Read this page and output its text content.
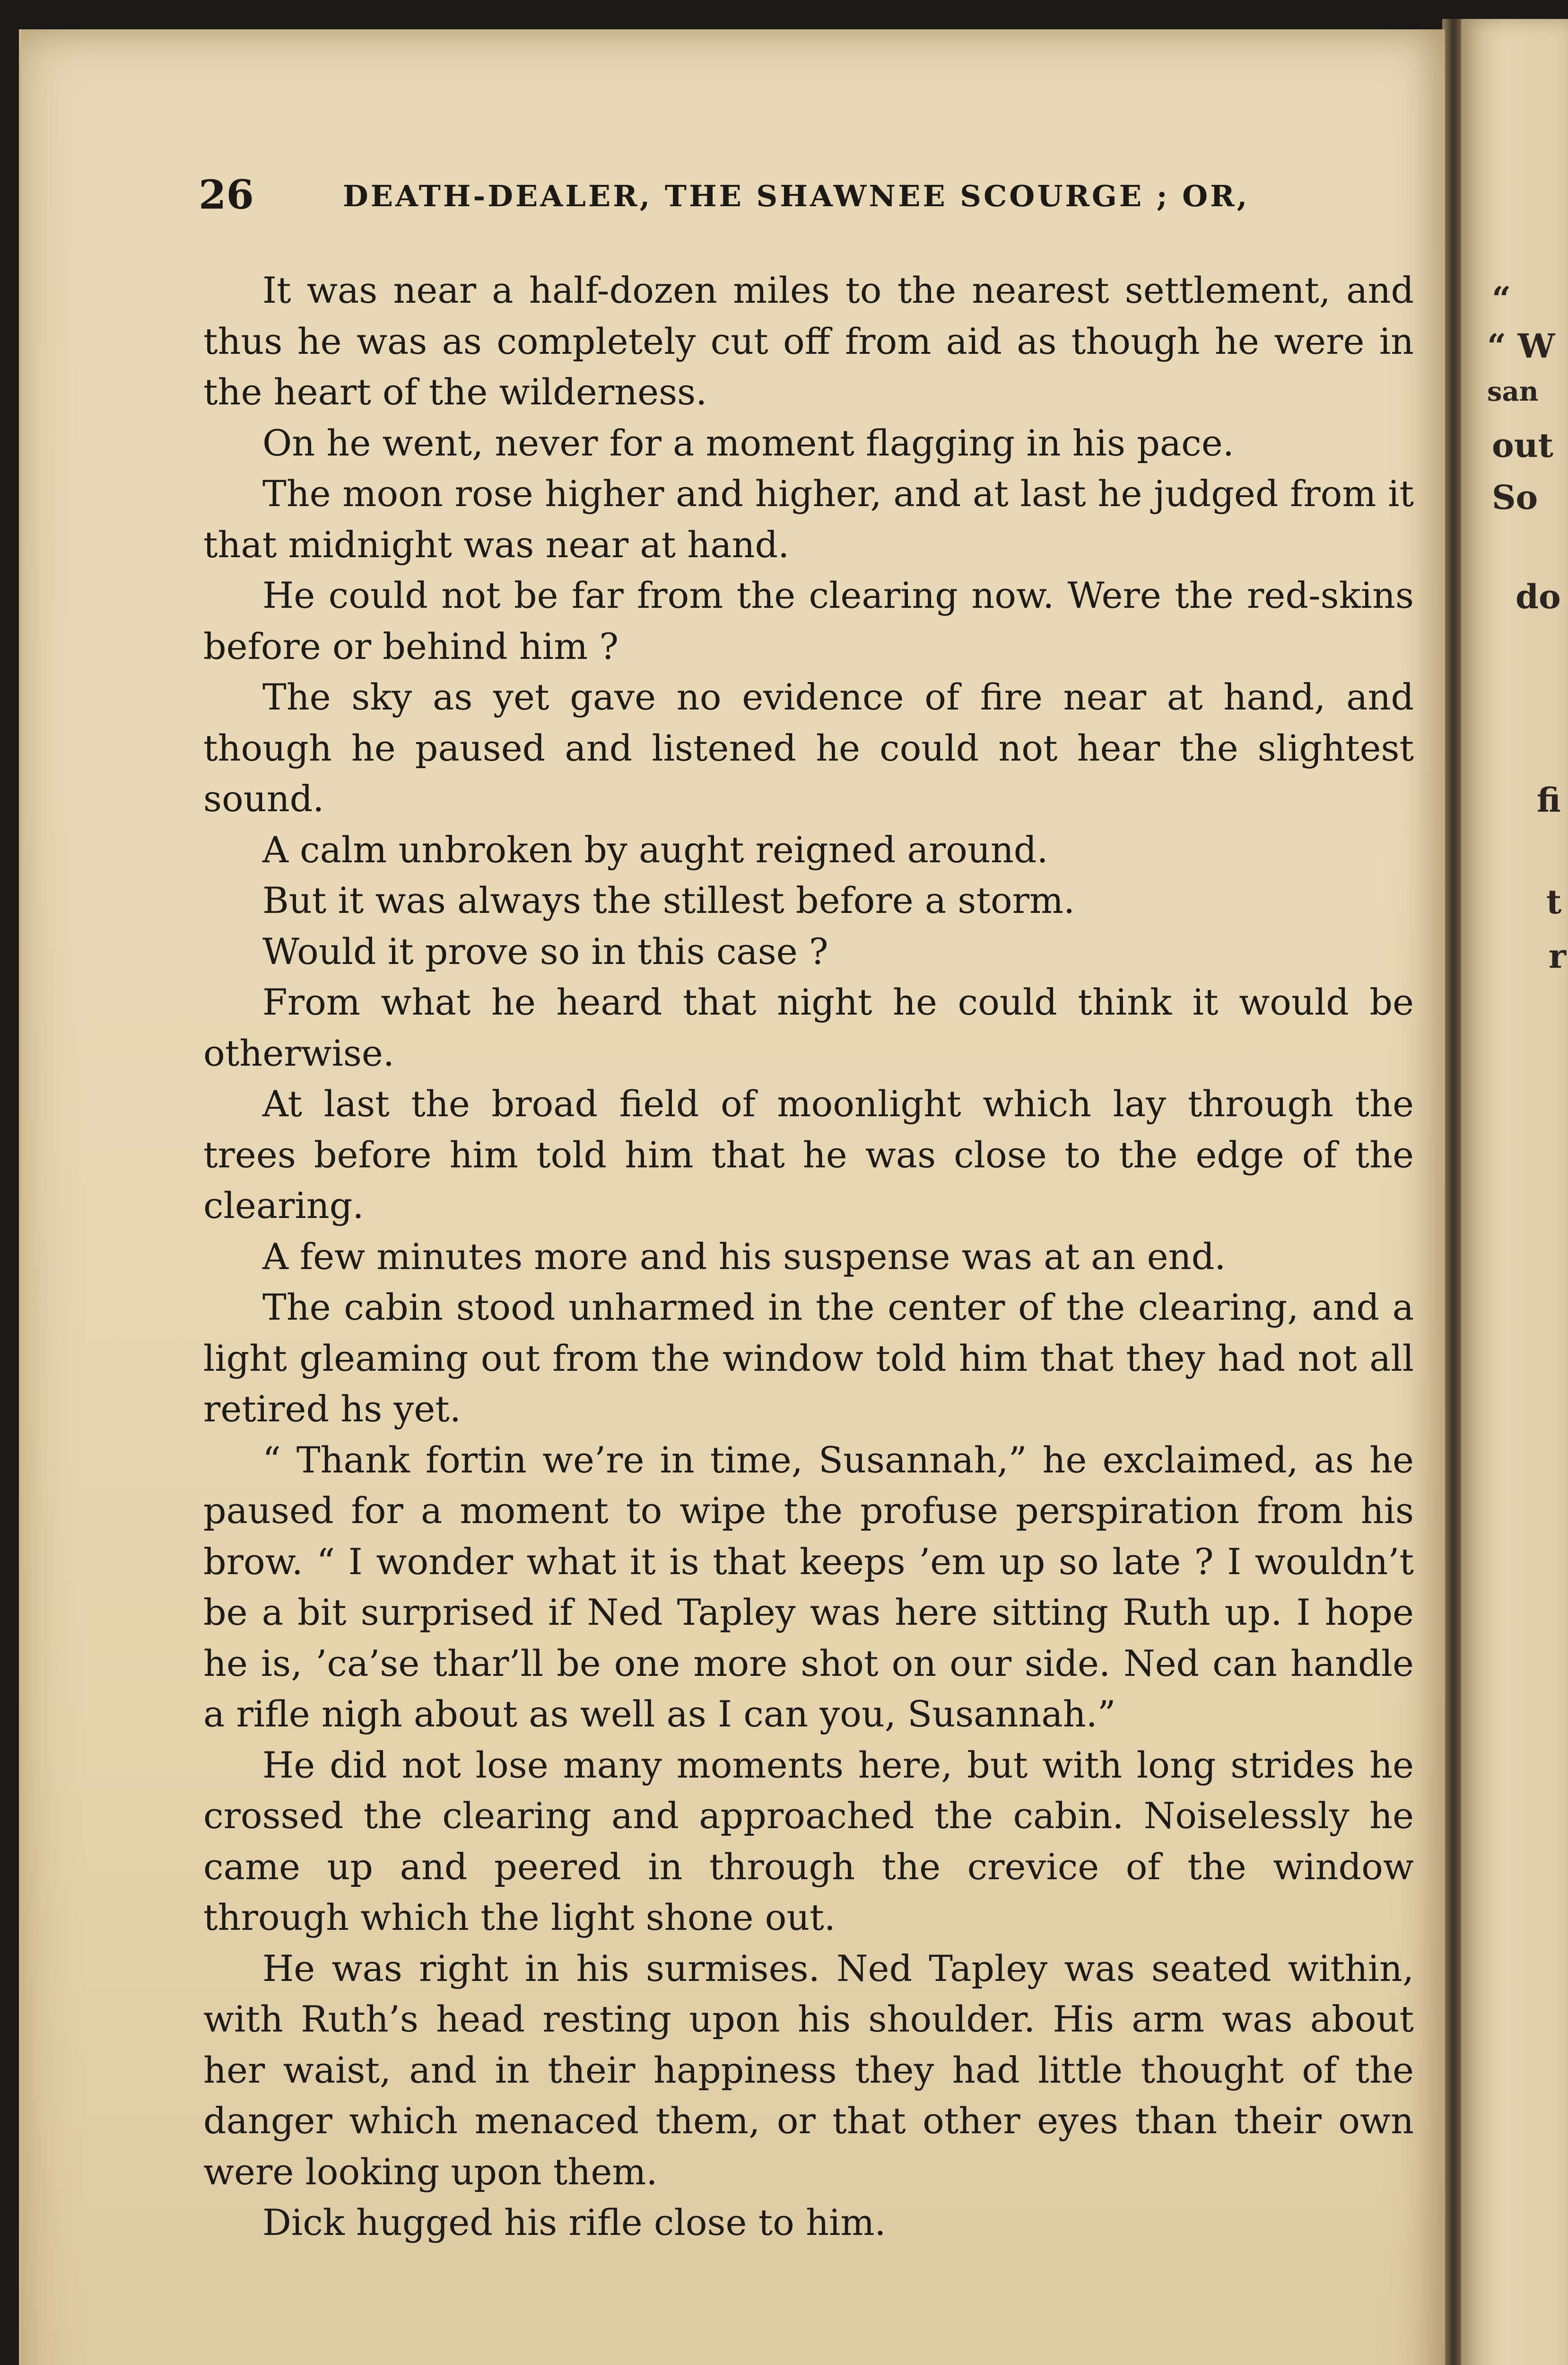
“
“ W
san
out
So
do
fi
t
r
26	DEATH-DEALER, THE SHAWNEE SCOURGE ; OR,

It was near a half-dozen miles to the nearest settlement, and thus he was as completely cut off from aid as though he were in the heart of the wilderness.

On he went, never for a moment flagging in his pace.

The moon rose higher and higher, and at last he judged from it that midnight was near at hand.

He could not be far from the clearing now. Were the red-skins before or behind him ?

The sky as yet gave no evidence of fire near at hand, and though he paused and listened he could not hear the slightest sound.

A calm unbroken by aught reigned around.

But it was always the stillest before a storm.

Would it prove so in this case ?

From what he heard that night he could think it would be otherwise.

At last the broad field of moonlight which lay through the trees before him told him that he was close to the edge of the clearing.

A few minutes more and his suspense was at an end.

The cabin stood unharmed in the center of the clearing, and a light gleaming out from the window told him that they had not all retired hs yet.

“ Thank fortin we’re in time, Susannah,” he exclaimed, as he paused for a moment to wipe the profuse perspiration from his brow. “ I wonder what it is that keeps ’em up so late ? I wouldn’t be a bit surprised if Ned Tapley was here sitting Ruth up. I hope he is, ’ca’se thar’ll be one more shot on our side. Ned can handle a rifle nigh about as well as I can you, Susannah.”

He did not lose many moments here, but with long strides he crossed the clearing and approached the cabin. Noiselessly he came up and peered in through the crevice of the window through which the light shone out.

He was right in his surmises. Ned Tapley was seated within, with Ruth’s head resting upon his shoulder. His arm was about her waist, and in their happiness they had little thought of the danger which menaced them, or that other eyes than their own were looking upon them.

Dick hugged his rifle close to him.
